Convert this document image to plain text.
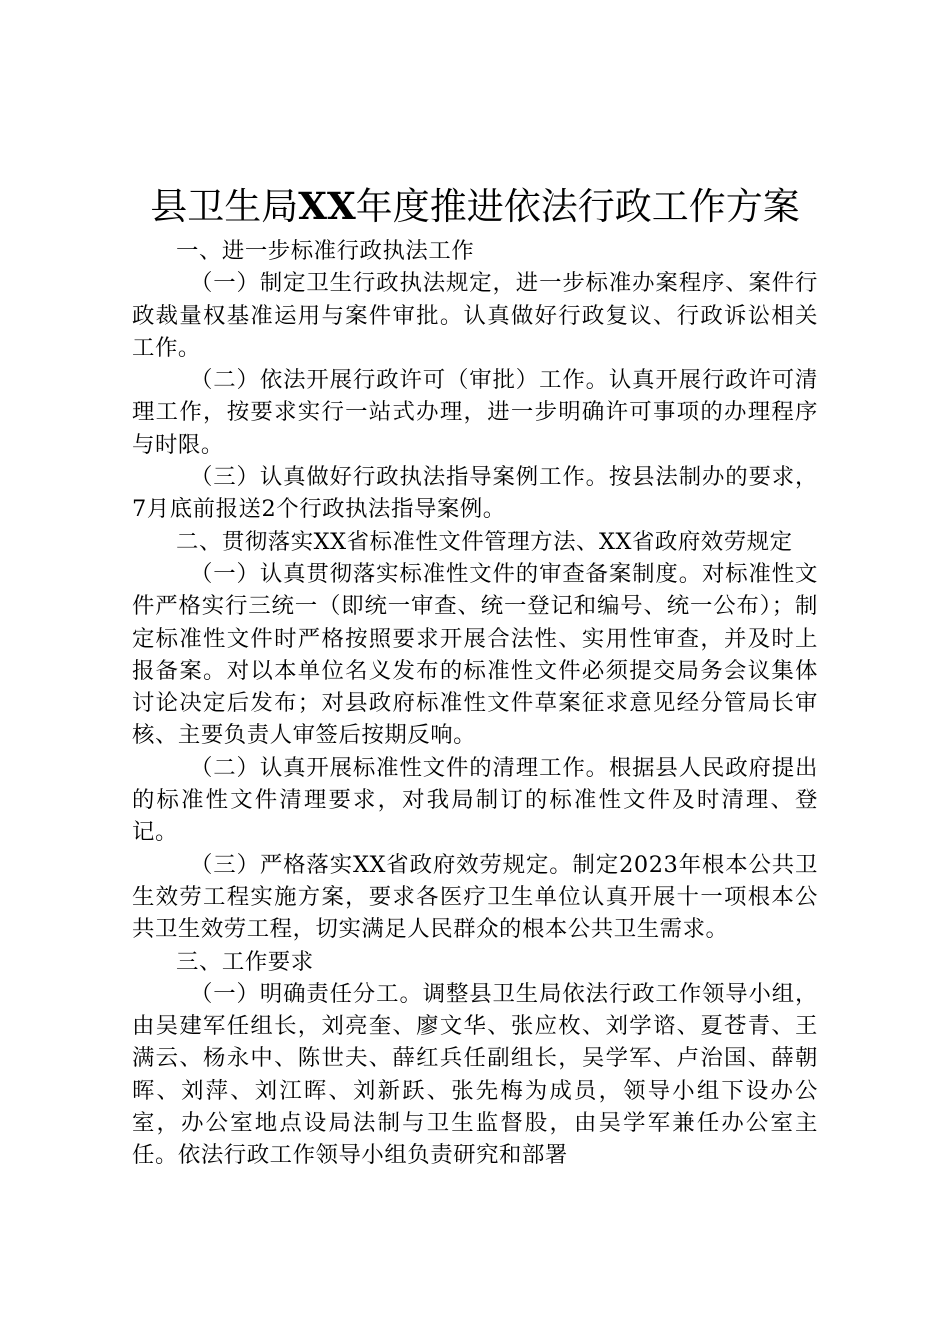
县卫生局XX年度推进依法行政工作方案

一、进一步标准行政执法工作

（一）制定卫生行政执法规定，进一步标准办案程序、案件行政裁量权基准运用与案件审批。认真做好行政复议、行政诉讼相关工作。

（二）依法开展行政许可（审批）工作。认真开展行政许可清理工作，按要求实行一站式办理，进一步明确许可事项的办理程序与时限。

（三）认真做好行政执法指导案例工作。按县法制办的要求，7月底前报送2个行政执法指导案例。

二、贯彻落实XX省标准性文件管理方法、XX省政府效劳规定

（一）认真贯彻落实标准性文件的审查备案制度。对标准性文件严格实行三统一（即统一审查、统一登记和编号、统一公布）；制定标准性文件时严格按照要求开展合法性、实用性审查，并及时上报备案。对以本单位名义发布的标准性文件必须提交局务会议集体讨论决定后发布；对县政府标准性文件草案征求意见经分管局长审核、主要负责人审签后按期反响。

（二）认真开展标准性文件的清理工作。根据县人民政府提出的标准性文件清理要求，对我局制订的标准性文件及时清理、登记。

（三）严格落实XX省政府效劳规定。制定2023年根本公共卫生效劳工程实施方案，要求各医疗卫生单位认真开展十一项根本公共卫生效劳工程，切实满足人民群众的根本公共卫生需求。

三、工作要求

（一）明确责任分工。调整县卫生局依法行政工作领导小组，由吴建军任组长，刘亮奎、廖文华、张应枚、刘学谘、夏苍青、王满云、杨永中、陈世夫、薛红兵任副组长，吴学军、卢治国、薛朝晖、刘萍、刘江晖、刘新跃、张先梅为成员，领导小组下设办公室，办公室地点设局法制与卫生监督股，由吴学军兼任办公室主任。依法行政工作领导小组负责研究和部署
